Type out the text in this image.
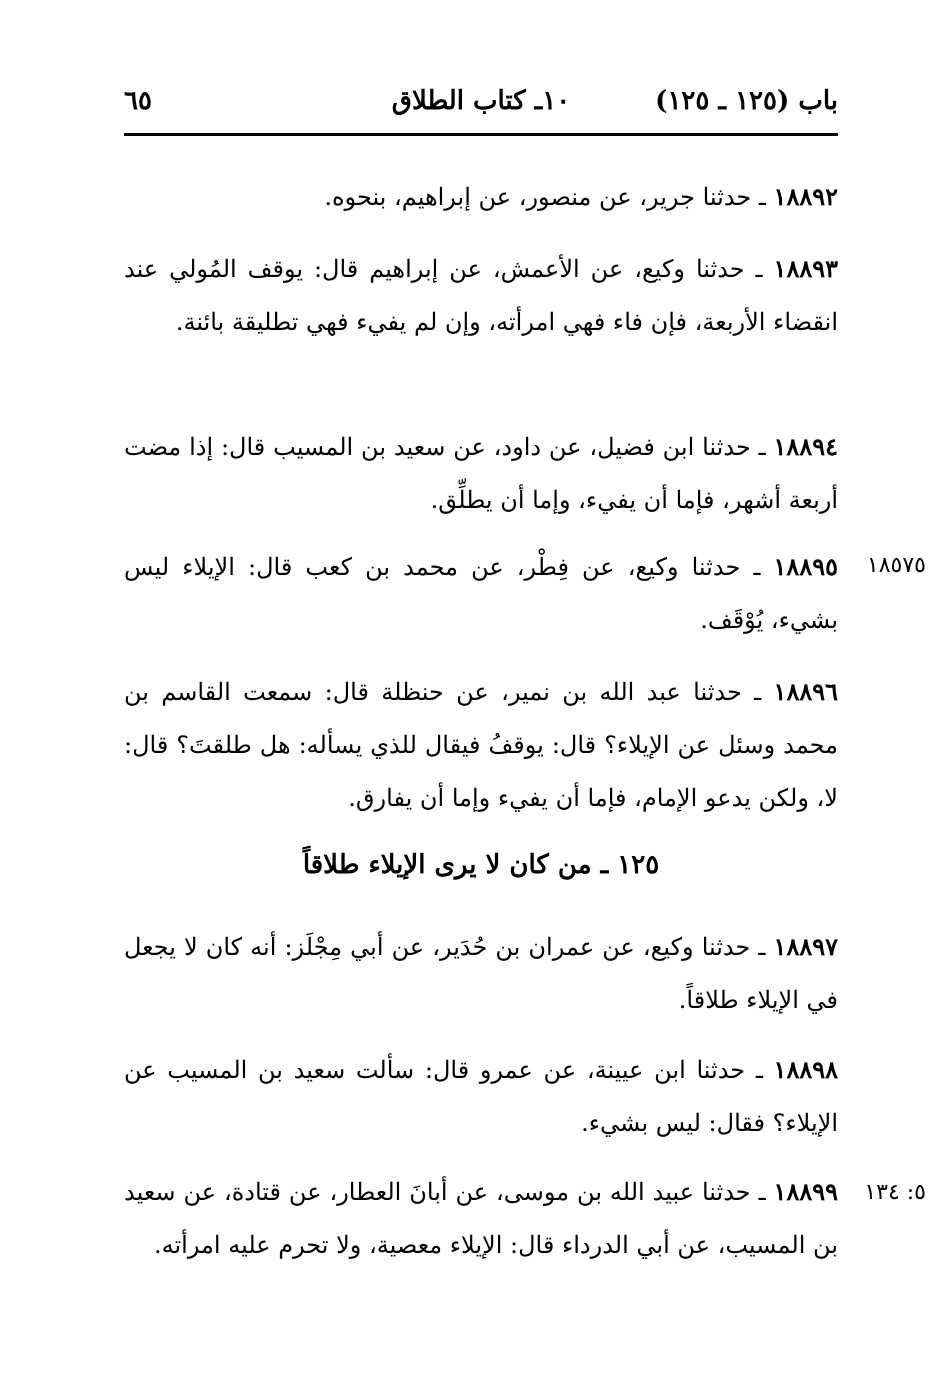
باب (١٢٥ ـ ١٢٥)
١٠ـ كتاب الطلاق
٦٥
١٨٨٩٢ ـ حدثنا جرير، عن منصور، عن إبراهيم، بنحوه.
١٨٨٩٣ ـ حدثنا وكيع، عن الأعمش، عن إبراهيم قال: يوقف المُولي عند انقضاء الأربعة، فإن فاء فهي امرأته، وإن لم يفيء فهي تطليقة بائنة.
١٨٨٩٤ ـ حدثنا ابن فضيل، عن داود، عن سعيد بن المسيب قال: إذا مضت أربعة أشهر، فإما أن يفيء، وإما أن يطلِّق.
١٨٥٧٥
١٨٨٩٥ ـ حدثنا وكيع، عن فِطْر، عن محمد بن كعب قال: الإيلاء ليس بشيء، يُوْقَف.
١٨٨٩٦ ـ حدثنا عبد الله بن نمير، عن حنظلة قال: سمعت القاسم بن محمد وسئل عن الإيلاء؟ قال: يوقفُ فيقال للذي يسأله: هل طلقتَ؟ قال: لا، ولكن يدعو الإمام، فإما أن يفيء وإما أن يفارق.
١٢٥ ـ من كان لا يرى الإيلاء طلاقاً
١٨٨٩٧ ـ حدثنا وكيع، عن عمران بن حُدَير، عن أبي مِجْلَز: أنه كان لا يجعل في الإيلاء طلاقاً.
١٨٨٩٨ ـ حدثنا ابن عيينة، عن عمرو قال: سألت سعيد بن المسيب عن الإيلاء؟ فقال: ليس بشيء.
٥: ١٣٤
١٨٨٩٩ ـ حدثنا عبيد الله بن موسى، عن أبانَ العطار، عن قتادة، عن سعيد بن المسيب، عن أبي الدرداء قال: الإيلاء معصية، ولا تحرم عليه امرأته.
